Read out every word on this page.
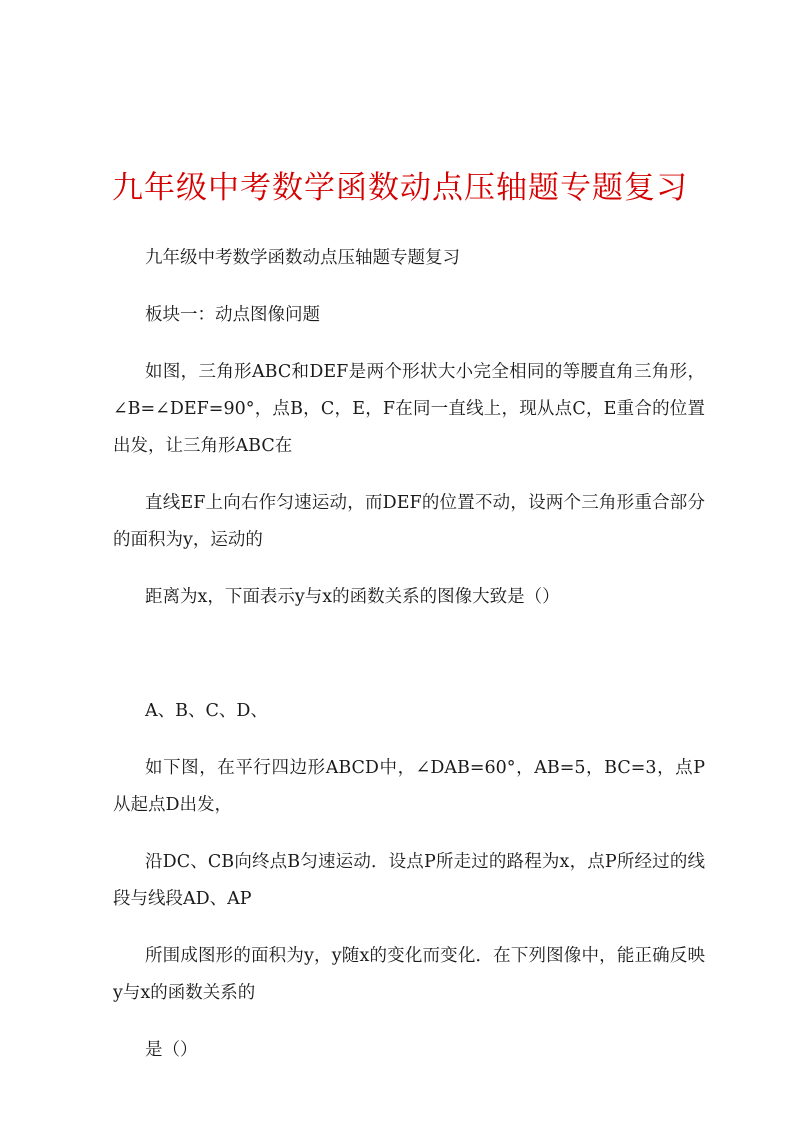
九年级中考数学函数动点压轴题专题复习

九年级中考数学函数动点压轴题专题复习

板块一：动点图像问题

如图，三角形ABC和DEF是两个形状大小完全相同的等腰直角三角形，∠B=∠DEF=90°，点B，C，E，F在同一直线上，现从点C，E重合的位置出发，让三角形ABC在

直线EF上向右作匀速运动，而DEF的位置不动，设两个三角形重合部分的面积为y，运动的

距离为x，下面表示y与x的函数关系的图像大致是（）

A、B、C、D、

如下图，在平行四边形ABCD中，∠DAB=60°，AB=5，BC=3，点P从起点D出发，

沿DC、CB向终点B匀速运动．设点P所走过的路程为x，点P所经过的线段与线段AD、AP

所围成图形的面积为y，y随x的变化而变化．在下列图像中，能正确反映y与x的函数关系的

是（）
